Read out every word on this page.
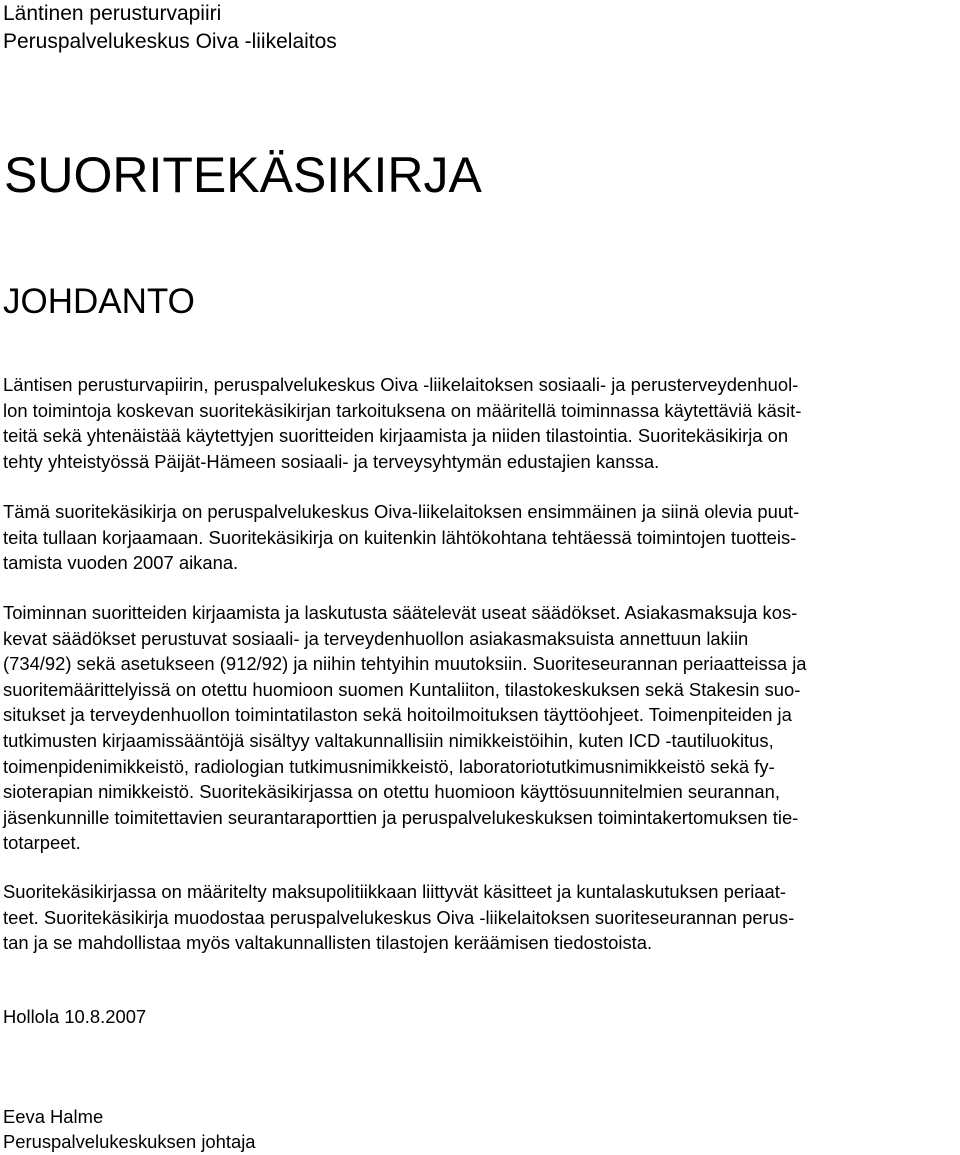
Läntinen perusturvapiiri
Peruspalvelukeskus Oiva -liikelaitos
SUORITEKÄSIKIRJA
JOHDANTO

Läntisen perusturvapiirin, peruspalvelukeskus Oiva -liikelaitoksen sosiaali- ja perusterveydenhuol-
lon toimintoja koskevan suoritekäsikirjan tarkoituksena on määritellä toiminnassa käytettäviä käsit-
teitä sekä yhtenäistää käytettyjen suoritteiden kirjaamista ja niiden tilastointia. Suoritekäsikirja on
tehty yhteistyössä Päijät-Hämeen sosiaali- ja terveysyhtymän edustajien kanssa.

Tämä suoritekäsikirja on peruspalvelukeskus Oiva-liikelaitoksen ensimmäinen ja siinä olevia puut-
teita tullaan korjaamaan. Suoritekäsikirja on kuitenkin lähtökohtana tehtäessä toimintojen tuotteis-
tamista vuoden 2007 aikana.

Toiminnan suoritteiden kirjaamista ja laskutusta säätelevät useat säädökset. Asiakasmaksuja kos-
kevat säädökset perustuvat sosiaali- ja terveydenhuollon asiakasmaksuista annettuun lakiin
(734/92) sekä asetukseen (912/92) ja niihin tehtyihin muutoksiin. Suoriteseurannan periaatteissa ja
suoritemäärittelyissä on otettu huomioon suomen Kuntaliiton, tilastokeskuksen sekä Stakesin suo-
situkset ja terveydenhuollon toimintatilaston sekä hoitoilmoituksen täyttöohjeet. Toimenpiteiden ja
tutkimusten kirjaamissääntöjä sisältyy valtakunnallisiin nimikkeistöihin, kuten ICD -tautiluokitus,
toimenpidenimikkeistö, radiologian tutkimusnimikkeistö, laboratoriotutkimusnimikkeistö sekä fy-
sioterapian nimikkeistö. Suoritekäsikirjassa on otettu huomioon käyttösuunnitelmien seurannan,
jäsenkunnille toimitettavien seurantaraporttien ja peruspalvelukeskuksen toimintakertomuksen tie-
totarpeet.

Suoritekäsikirjassa on määritelty maksupolitiikkaan liittyvät käsitteet ja kuntalaskutuksen periaat-
teet. Suoritekäsikirja muodostaa peruspalvelukeskus Oiva -liikelaitoksen suoriteseurannan perus-
tan ja se mahdollistaa myös valtakunnallisten tilastojen keräämisen tiedostoista.

Hollola 10.8.2007

Eeva Halme
Peruspalvelukeskuksen johtaja
